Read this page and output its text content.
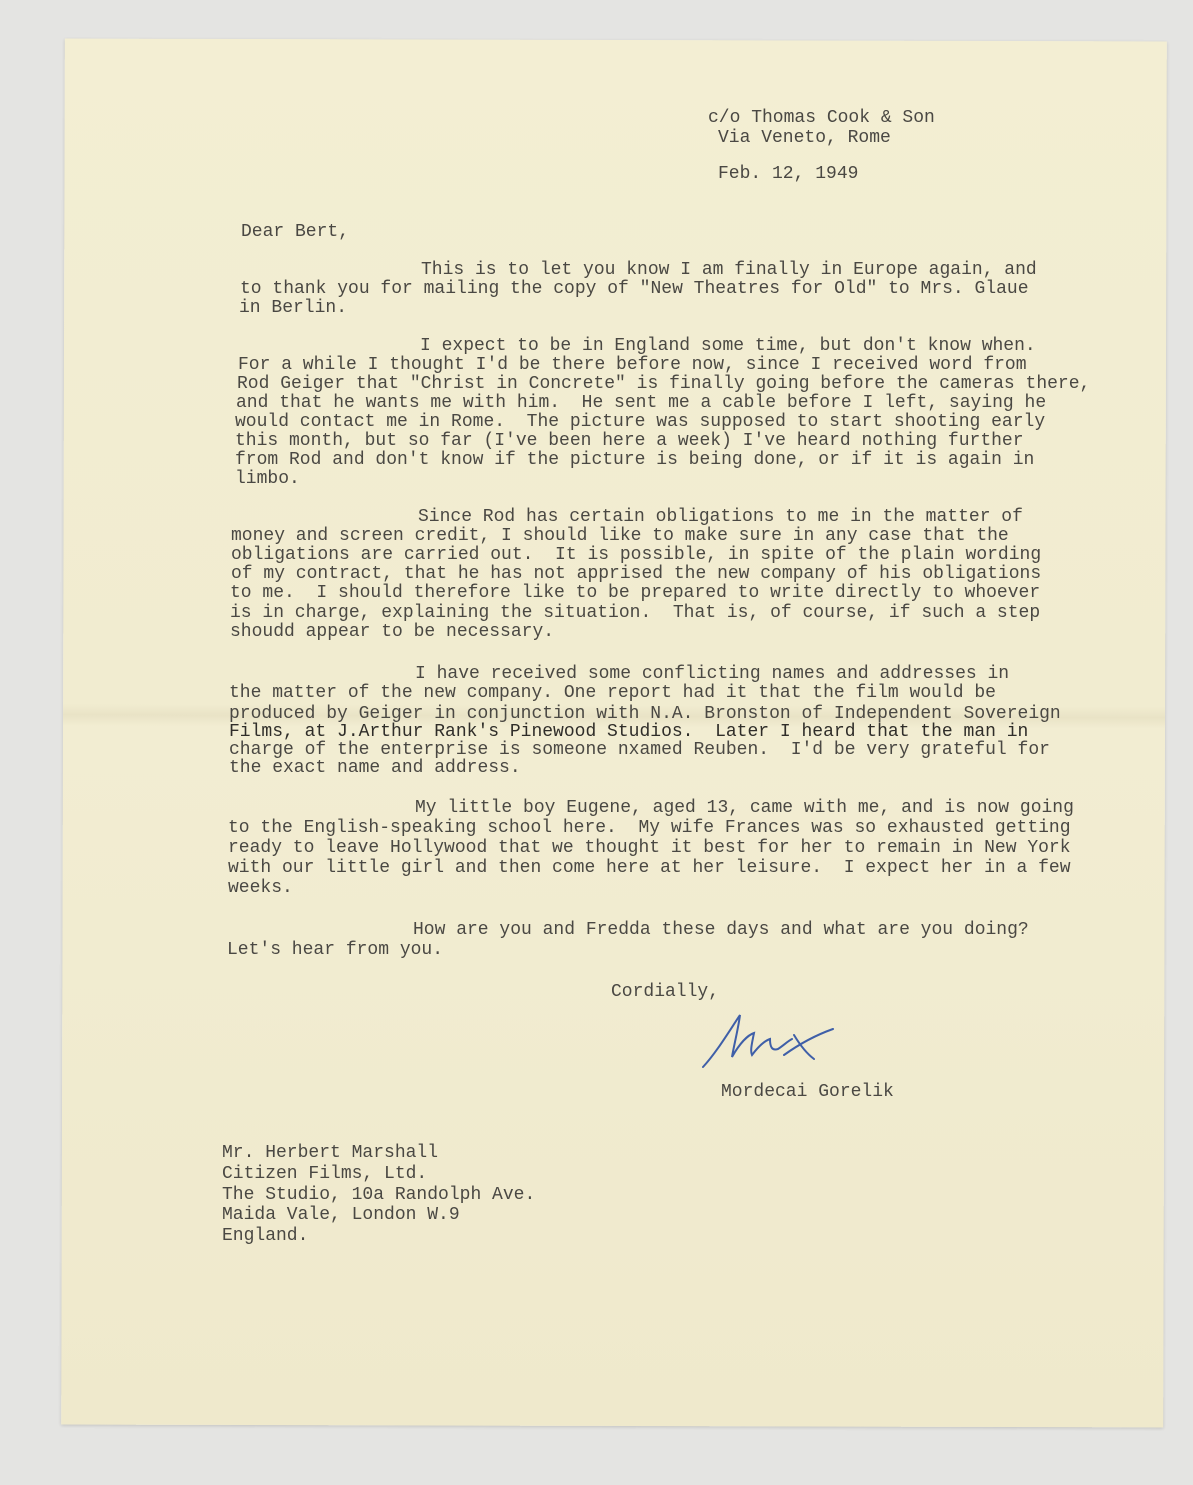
c/o Thomas Cook & Son
Via Veneto, Rome
Feb. 12, 1949
Dear Bert,
This is to let you know I am finally in Europe again, and
to thank you for mailing the copy of "New Theatres for Old" to Mrs. Glaue
in Berlin.
I expect to be in England some time, but don't know when.
For a while I thought I'd be there before now, since I received word from
Rod Geiger that "Christ in Concrete" is finally going before the cameras there,
and that he wants me with him.  He sent me a cable before I left, saying he
would contact me in Rome.  The picture was supposed to start shooting early
this month, but so far (I've been here a week) I've heard nothing further
from Rod and don't know if the picture is being done, or if it is again in
limbo.
Since Rod has certain obligations to me in the matter of
money and screen credit, I should like to make sure in any case that the
obligations are carried out.  It is possible, in spite of the plain wording
of my contract, that he has not apprised the new company of his obligations
to me.  I should therefore like to be prepared to write directly to whoever
is in charge, explaining the situation.  That is, of course, if such a step
shoudd appear to be necessary.
I have received some conflicting names and addresses in
the matter of the new company. One report had it that the film would be
produced by Geiger in conjunction with N.A. Bronston of Independent Sovereign
Films, at J.Arthur Rank's Pinewood Studios.  Later I heard that the man in
charge of the enterprise is someone nxamed Reuben.  I'd be very grateful for
the exact name and address.
My little boy Eugene, aged 13, came with me, and is now going
to the English-speaking school here.  My wife Frances was so exhausted getting
ready to leave Hollywood that we thought it best for her to remain in New York
with our little girl and then come here at her leisure.  I expect her in a few
weeks.
How are you and Fredda these days and what are you doing?
Let's hear from you.
Cordially,
Mordecai Gorelik
Mr. Herbert Marshall
Citizen Films, Ltd.
The Studio, 10a Randolph Ave.
Maida Vale, London W.9
England.
